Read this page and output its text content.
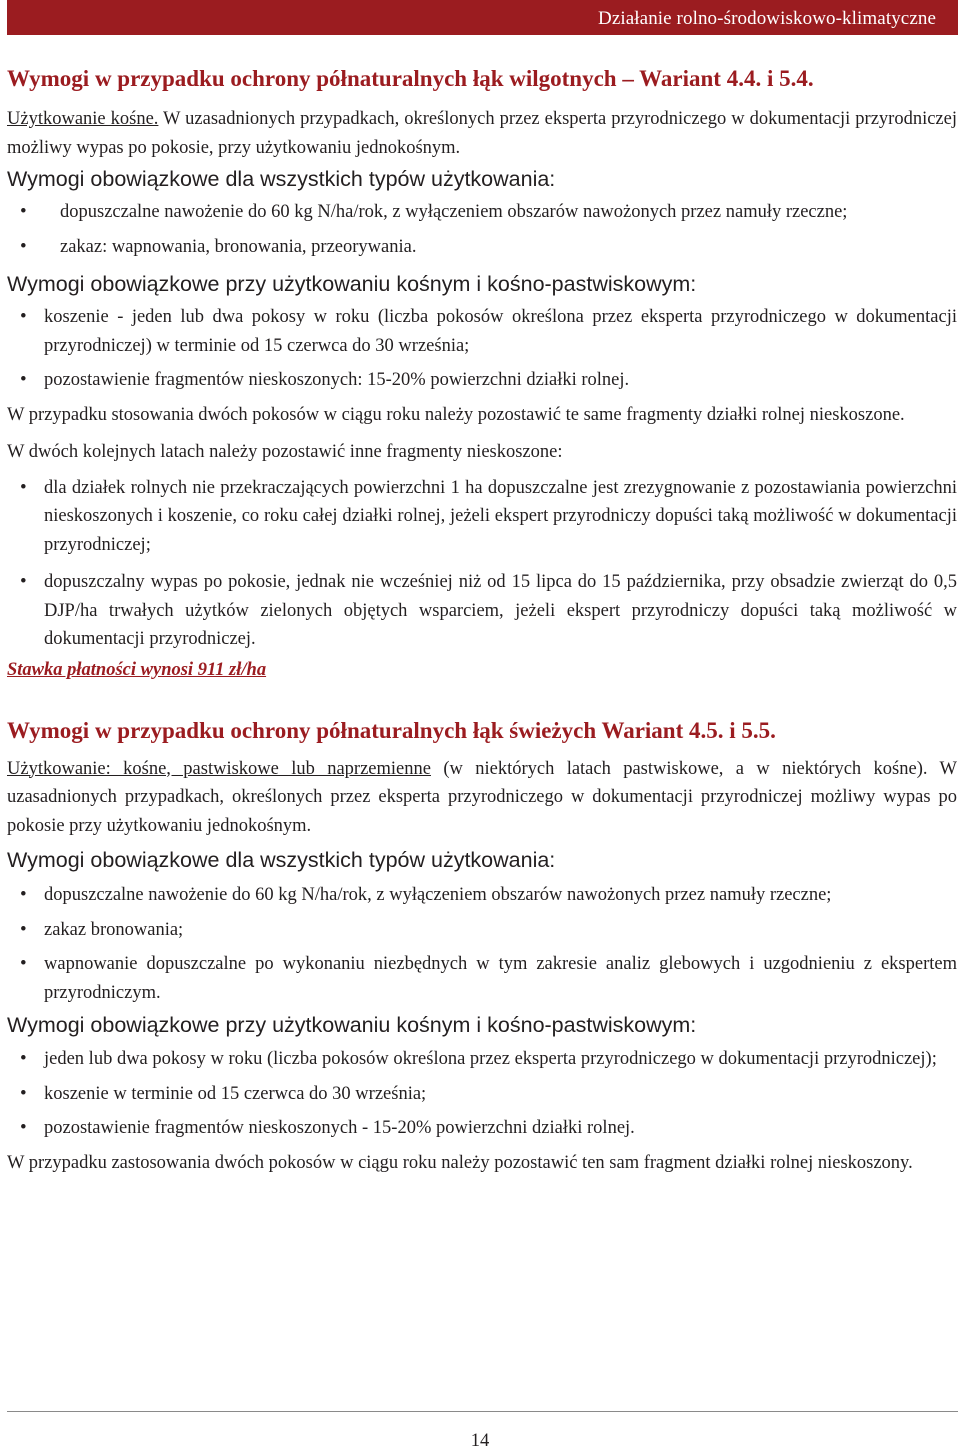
Działanie rolno-środowiskowo-klimatyczne
Wymogi w przypadku ochrony półnaturalnych łąk wilgotnych – Wariant 4.4. i 5.4.

Użytkowanie kośne. W uzasadnionych przypadkach, określonych przez eksperta przyrodniczego w dokumentacji przyrodniczej możliwy wypas po pokosie, przy użytkowaniu jednokośnym.

Wymogi obowiązkowe dla wszystkich typów użytkowania:
• dopuszczalne nawożenie do 60 kg N/ha/rok, z wyłączeniem obszarów nawożonych przez namuły rzeczne;
• zakaz: wapnowania, bronowania, przeorywania.
Wymogi obowiązkowe przy użytkowaniu kośnym i kośno-pastwiskowym:
• koszenie - jeden lub dwa pokosy w roku (liczba pokosów określona przez eksperta przyrodniczego w dokumentacji przyrodniczej) w terminie od 15 czerwca do 30 września;
• pozostawienie fragmentów nieskoszonych: 15-20% powierzchni działki rolnej.

W przypadku stosowania dwóch pokosów w ciągu roku należy pozostawić te same fragmenty działki rolnej nieskoszone.

W dwóch kolejnych latach należy pozostawić inne fragmenty nieskoszone:

• dla działek rolnych nie przekraczających powierzchni 1 ha dopuszczalne jest zrezygnowanie z pozostawiania powierzchni nieskoszonych i koszenie, co roku całej działki rolnej, jeżeli ekspert przyrodniczy dopuści taką możliwość w dokumentacji przyrodniczej;
• dopuszczalny wypas po pokosie, jednak nie wcześniej niż od 15 lipca do 15 października, przy obsadzie zwierząt do 0,5 DJP/ha trwałych użytków zielonych objętych wsparciem, jeżeli ekspert przyrodniczy dopuści taką możliwość w dokumentacji przyrodniczej.

Stawka płatności wynosi 911 zł/ha

Wymogi w przypadku ochrony półnaturalnych łąk świeżych Wariant 4.5. i 5.5.

Użytkowanie: kośne, pastwiskowe lub naprzemienne (w niektórych latach pastwiskowe, a w niektórych kośne). W uzasadnionych przypadkach, określonych przez eksperta przyrodniczego w dokumentacji przyrodniczej możliwy wypas po pokosie przy użytkowaniu jednokośnym.

Wymogi obowiązkowe dla wszystkich typów użytkowania:
• dopuszczalne nawożenie do 60 kg N/ha/rok, z wyłączeniem obszarów nawożonych przez namuły rzeczne;
• zakaz bronowania;
• wapnowanie dopuszczalne po wykonaniu niezbędnych w tym zakresie analiz glebowych i uzgodnieniu z ekspertem przyrodniczym.
Wymogi obowiązkowe przy użytkowaniu kośnym i kośno-pastwiskowym:
• jeden lub dwa pokosy w roku (liczba pokosów określona przez eksperta przyrodniczego w dokumentacji przyrodniczej);
• koszenie w terminie od 15 czerwca do 30 września;
• pozostawienie fragmentów nieskoszonych - 15-20% powierzchni działki rolnej.

W przypadku zastosowania dwóch pokosów w ciągu roku należy pozostawić ten sam fragment działki rolnej nieskoszony.

14
